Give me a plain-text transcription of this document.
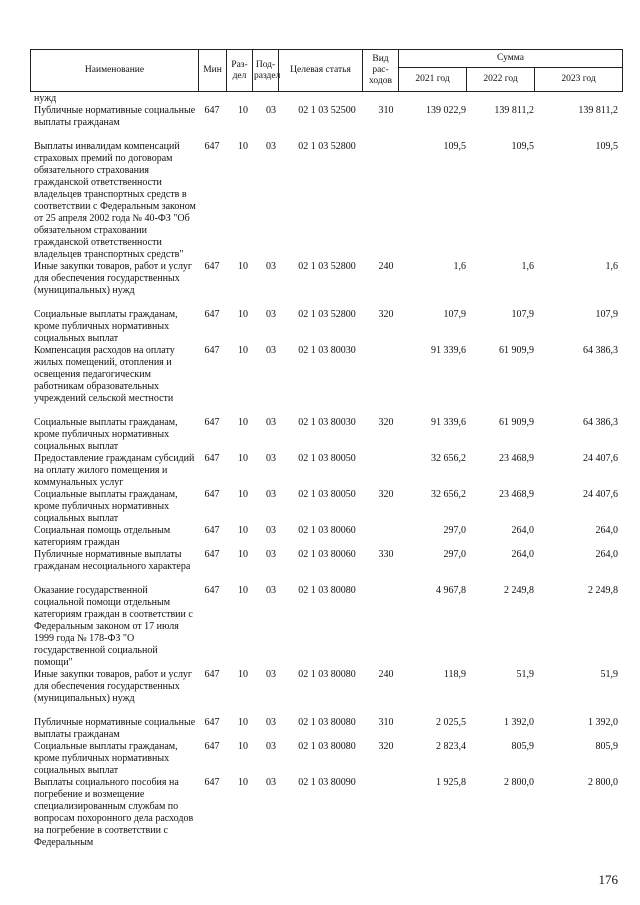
Наименование	Мин	Раз-дел	Под-раздел	Целевая статья	Вид рас-ходов	Сумма		
						2021 год	2022 год	2023 год
нужд
Публичные нормативные социальные выплаты гражданам
647	10	03	02 1 03 52500	310	139 022,9	139 811,2	139 811,2
Выплаты инвалидам компенсаций страховых премий по договорам обязательного страхования гражданской ответственности владельцев транспортных средств в соответствии с Федеральным законом от 25 апреля 2002 года № 40-ФЗ "Об обязательном страховании гражданской ответственности владельцев транспортных средств"
647	10	03	02 1 03 52800	109,5	109,5	109,5
Иные закупки товаров, работ и услуг для обеспечения государственных (муниципальных) нужд
647	10	03	02 1 03 52800	240	1,6	1,6	1,6
Социальные выплаты гражданам, кроме публичных нормативных социальных выплат
647	10	03	02 1 03 52800	320	107,9	107,9	107,9
Компенсация расходов на оплату жилых помещений, отопления и освещения педагогическим работникам образовательных учреждений сельской местности
647	10	03	02 1 03 80030	91 339,6	61 909,9	64 386,3
Социальные выплаты гражданам, кроме публичных нормативных социальных выплат
647	10	03	02 1 03 80030	320	91 339,6	61 909,9	64 386,3
Предоставление гражданам субсидий на оплату жилого помещения и коммунальных услуг
647	10	03	02 1 03 80050	32 656,2	23 468,9	24 407,6
Социальные выплаты гражданам, кроме публичных нормативных социальных выплат
647	10	03	02 1 03 80050	320	32 656,2	23 468,9	24 407,6
Социальная помощь отдельным категориям граждан
647	10	03	02 1 03 80060	297,0	264,0	264,0
Публичные нормативные выплаты гражданам несоциального характера
647	10	03	02 1 03 80060	330	297,0	264,0	264,0
Оказание государственной социальной помощи отдельным категориям граждан в соответствии с Федеральным законом от 17 июля 1999 года № 178-ФЗ "О государственной социальной помощи"
647	10	03	02 1 03 80080	4 967,8	2 249,8	2 249,8
Иные закупки товаров, работ и услуг для обеспечения государственных (муниципальных) нужд
647	10	03	02 1 03 80080	240	118,9	51,9	51,9
Публичные нормативные социальные выплаты гражданам
647	10	03	02 1 03 80080	310	2 025,5	1 392,0	1 392,0
Социальные выплаты гражданам, кроме публичных нормативных социальных выплат
647	10	03	02 1 03 80080	320	2 823,4	805,9	805,9
Выплаты социального пособия на погребение и возмещение специализированным службам по вопросам похоронного дела расходов на погребение в соответствии с Федеральным
647	10	03	02 1 03 80090	1 925,8	2 800,0	2 800,0
176
